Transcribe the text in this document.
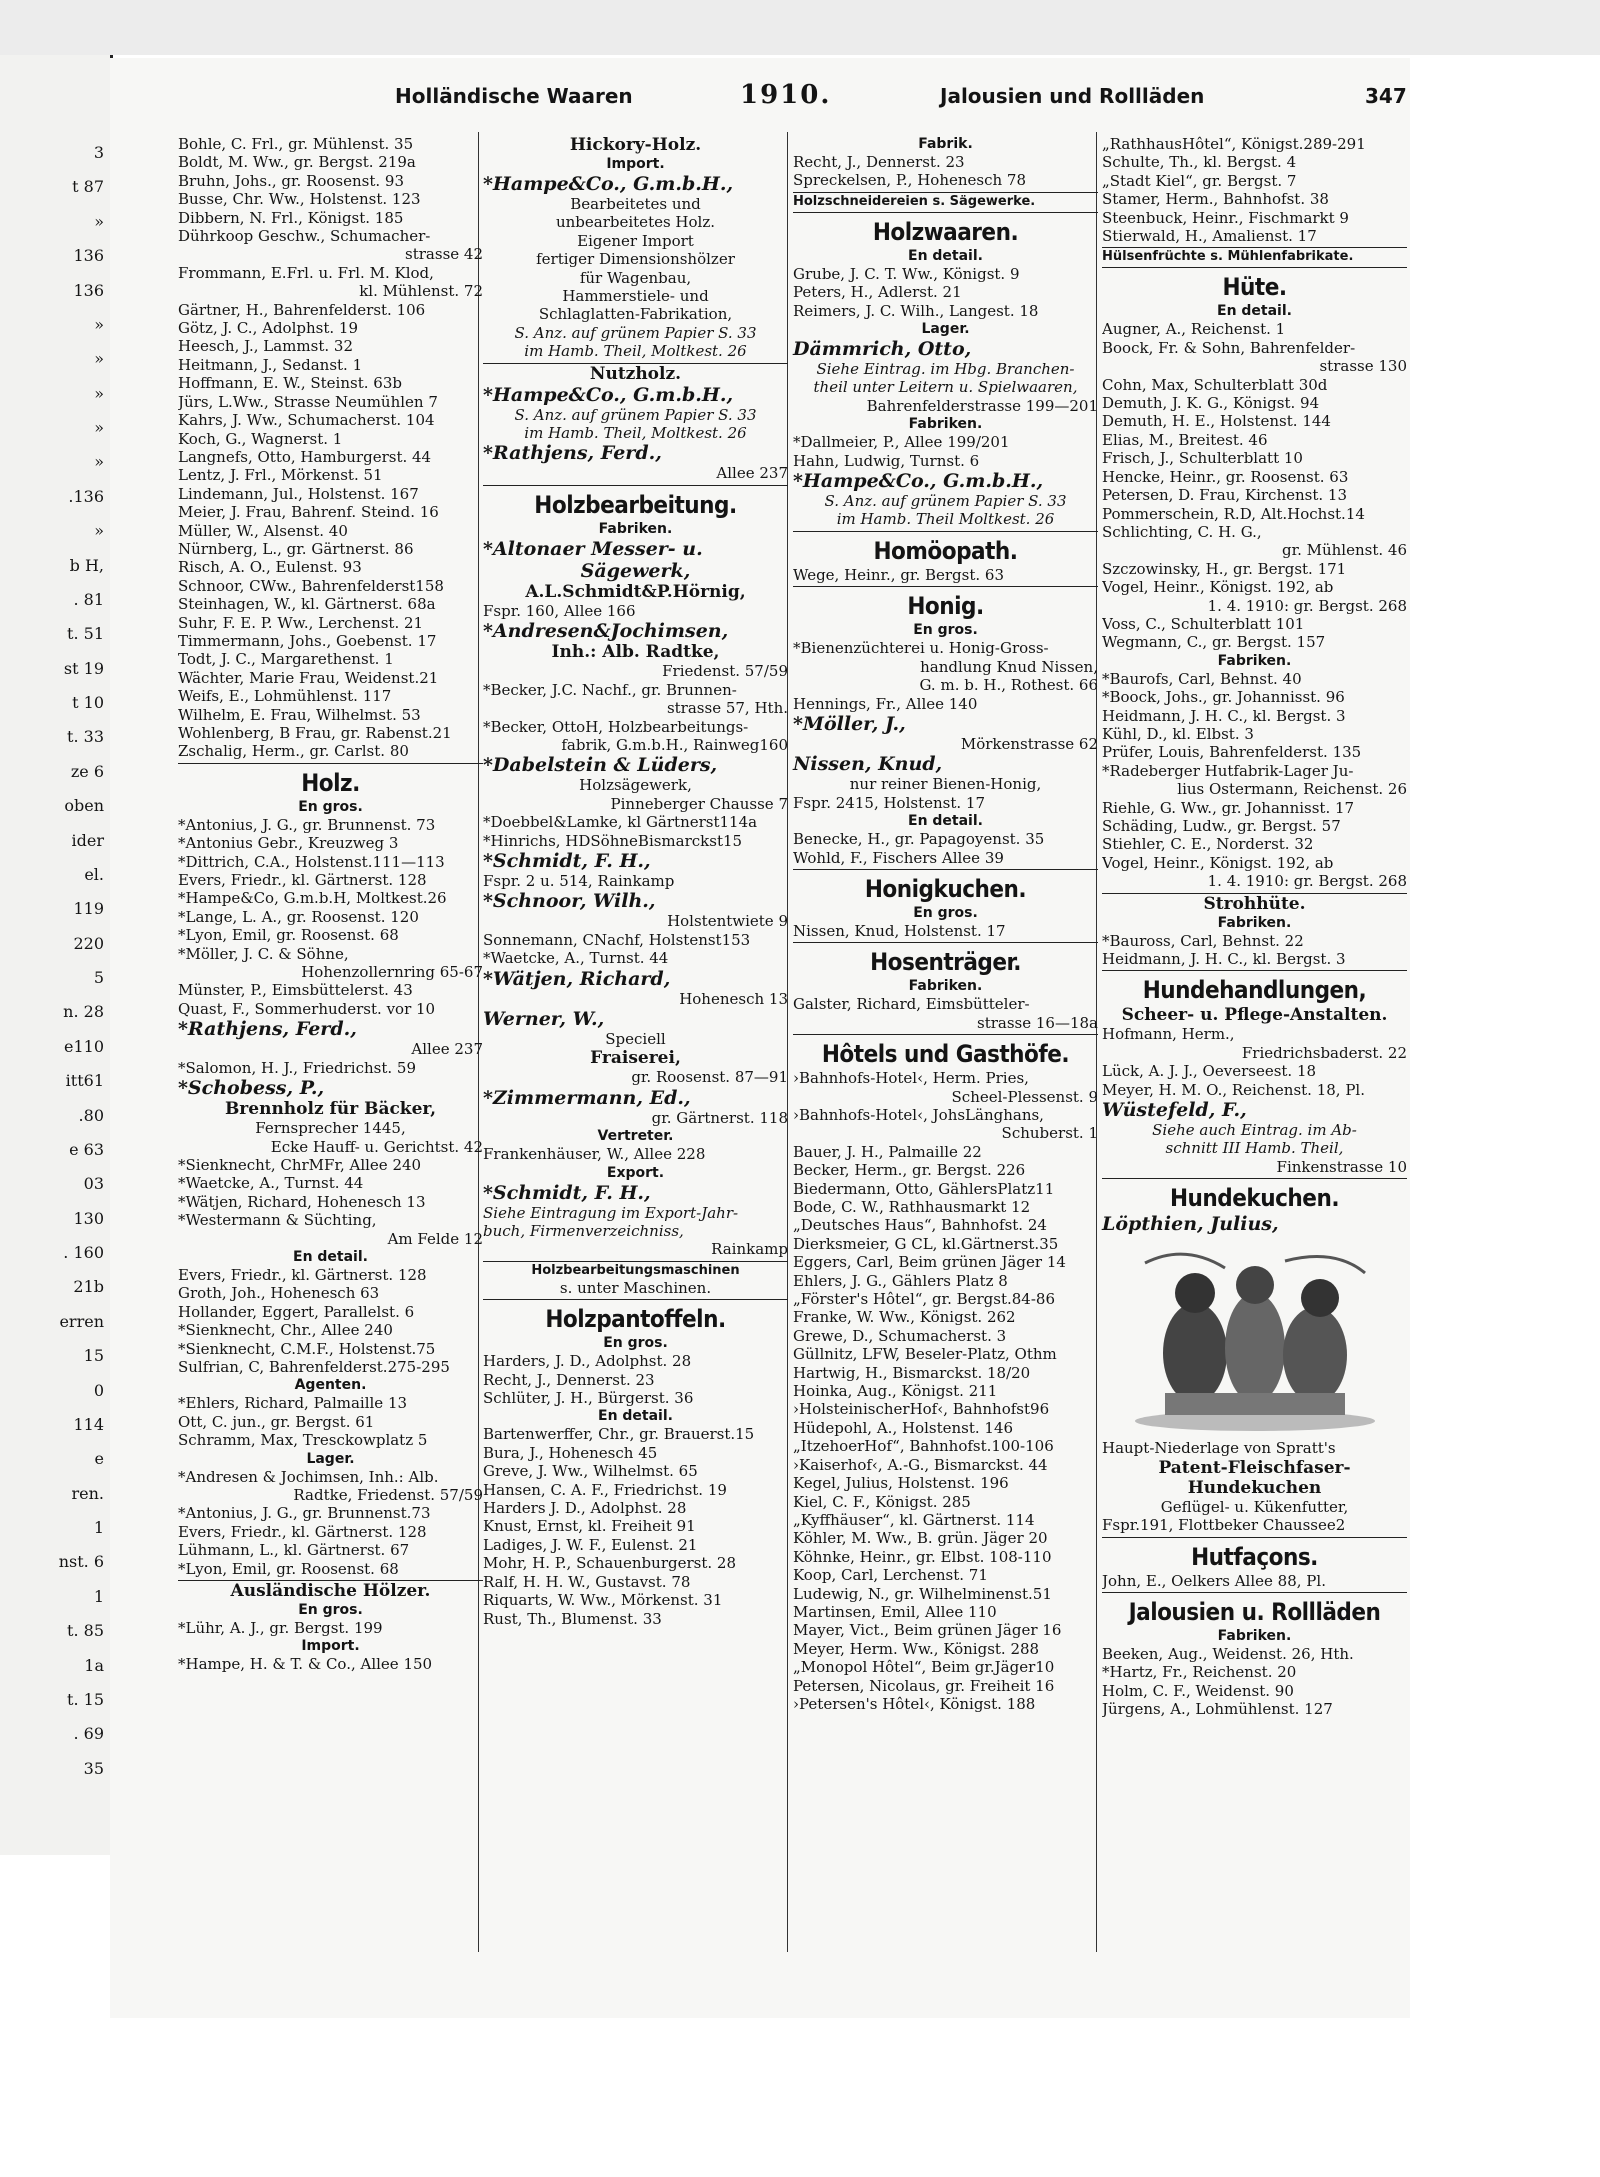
3
t 87
»
136
136
»
»
»
»
»
.136
»
b H,
. 81
t. 51
st 19
t 10
t. 33
ze 6
oben
ider
el.
119
220
5
n. 28
e110
itt61
.80
e 63
03
130
. 160
21b
erren
15
0
114
e
ren.
1
nst. 6
1
t. 85
1a
t. 15
. 69
35
Holländische Waaren	1910.	Jalousien und Rollläden	347
Bohle, C. Frl., gr. Mühlenst. 35
Boldt, M. Ww., gr. Bergst. 219a
Bruhn, Johs., gr. Roosenst. 93
Busse, Chr. Ww., Holstenst. 123
Dibbern, N. Frl., Königst. 185
Dührkoop Geschw., Schumacher-
strasse 42
Frommann, E.Frl. u. Frl. M. Klod,
kl. Mühlenst. 72
Gärtner, H., Bahrenfelderst. 106
Götz, J. C., Adolphst. 19
Heesch, J., Lammst. 32
Heitmann, J., Sedanst. 1
Hoffmann, E. W., Steinst. 63b
Jürs, L.Ww., Strasse Neumühlen 7
Kahrs, J. Ww., Schumacherst. 104
Koch, G., Wagnerst. 1
Langnefs, Otto, Hamburgerst. 44
Lentz, J. Frl., Mörkenst. 51
Lindemann, Jul., Holstenst. 167
Meier, J. Frau, Bahrenf. Steind. 16
Müller, W., Alsenst. 40
Nürnberg, L., gr. Gärtnerst. 86
Risch, A. O., Eulenst. 93
Schnoor, CWw., Bahrenfelderst158
Steinhagen, W., kl. Gärtnerst. 68a
Suhr, F. E. P. Ww., Lerchenst. 21
Timmermann, Johs., Goebenst. 17
Todt, J. C., Margarethenst. 1
Wächter, Marie Frau, Weidenst.21
Weifs, E., Lohmühlenst. 117
Wilhelm, E. Frau, Wilhelmst. 53
Wohlenberg, B Frau, gr. Rabenst.21
Zschalig, Herm., gr. Carlst. 80
Holz.
En gros.
*Antonius, J. G., gr. Brunnenst. 73
*Antonius Gebr., Kreuzweg 3
*Dittrich, C.A., Holstenst.111—113
Evers, Friedr., kl. Gärtnerst. 128
*Hampe&Co, G.m.b.H, Moltkest.26
*Lange, L. A., gr. Roosenst. 120
*Lyon, Emil, gr. Roosenst. 68
*Möller, J. C. & Söhne,
Hohenzollernring 65-67
Münster, P., Eimsbüttelerst. 43
Quast, F., Sommerhuderst. vor 10
*Rathjens, Ferd.,
Allee 237
*Salomon, H. J., Friedrichst. 59
*Schobess, P.,
Brennholz für Bäcker,
Fernsprecher 1445,
Ecke Hauff- u. Gerichtst. 42
*Sienknecht, ChrMFr, Allee 240
*Waetcke, A., Turnst. 44
*Wätjen, Richard, Hohenesch 13
*Westermann & Süchting,
Am Felde 12
En detail.
Evers, Friedr., kl. Gärtnerst. 128
Groth, Joh., Hohenesch 63
Hollander, Eggert, Parallelst. 6
*Sienknecht, Chr., Allee 240
*Sienknecht, C.M.F., Holstenst.75
Sulfrian, C, Bahrenfelderst.275-295
Agenten.
*Ehlers, Richard, Palmaille 13
Ott, C. jun., gr. Bergst. 61
Schramm, Max, Tresckowplatz 5
Lager.
*Andresen & Jochimsen, Inh.: Alb.
Radtke, Friedenst. 57/59
*Antonius, J. G., gr. Brunnenst.73
Evers, Friedr., kl. Gärtnerst. 128
Lühmann, L., kl. Gärtnerst. 67
*Lyon, Emil, gr. Roosenst. 68
Ausländische Hölzer.
En gros.
*Lühr, A. J., gr. Bergst. 199
Import.
*Hampe, H. & T. & Co., Allee 150
Hickory-Holz.
Import.
*Hampe&Co., G.m.b.H.,
Bearbeitetes und
unbearbeitetes Holz.
Eigener Import
fertiger Dimensionshölzer
für Wagenbau,
Hammerstiele- und
Schlaglatten-Fabrikation,
S. Anz. auf grünem Papier S. 33
im Hamb. Theil, Moltkest. 26
Nutzholz.
*Hampe&Co., G.m.b.H.,
S. Anz. auf grünem Papier S. 33
im Hamb. Theil, Moltkest. 26
*Rathjens, Ferd.,
Allee 237
Holzbearbeitung.
Fabriken.
*Altonaer Messer- u.
Sägewerk,
A.L.Schmidt&P.Hörnig,
Fspr. 160, Allee 166
*Andresen&Jochimsen,
Inh.: Alb. Radtke,
Friedenst. 57/59
*Becker, J.C. Nachf., gr. Brunnen-
strasse 57, Hth.
*Becker, OttoH, Holzbearbeitungs-
fabrik, G.m.b.H., Rainweg160
*Dabelstein & Lüders,
Holzsägewerk,
Pinneberger Chausse 7
*Doebbel&Lamke, kl Gärtnerst114a
*Hinrichs, HDSöhneBismarckst15
*Schmidt, F. H.,
Fspr. 2 u. 514, Rainkamp
*Schnoor, Wilh.,
Holstentwiete 9
Sonnemann, CNachf, Holstenst153
*Waetcke, A., Turnst. 44
*Wätjen, Richard,
Hohenesch 13
Werner, W.,
Speciell
Fraiserei,
gr. Roosenst. 87—91
*Zimmermann, Ed.,
gr. Gärtnerst. 118
Vertreter.
Frankenhäuser, W., Allee 228
Export.
*Schmidt, F. H.,
Siehe Eintragung im Export-Jahr-
buch, Firmenverzeichniss,
Rainkamp
Holzbearbeitungsmaschinen
s. unter Maschinen.
Holzpantoffeln.
En gros.
Harders, J. D., Adolphst. 28
Recht, J., Dennerst. 23
Schlüter, J. H., Bürgerst. 36
En detail.
Bartenwerffer, Chr., gr. Brauerst.15
Bura, J., Hohenesch 45
Greve, J. Ww., Wilhelmst. 65
Hansen, C. A. F., Friedrichst. 19
Harders J. D., Adolphst. 28
Knust, Ernst, kl. Freiheit 91
Ladiges, J. W. F., Eulenst. 21
Mohr, H. P., Schauenburgerst. 28
Ralf, H. H. W., Gustavst. 78
Riquarts, W. Ww., Mörkenst. 31
Rust, Th., Blumenst. 33
Fabrik.
Recht, J., Dennerst. 23
Spreckelsen, P., Hohenesch 78
Holzschneidereien s. Sägewerke.
Holzwaaren.
En detail.
Grube, J. C. T. Ww., Königst. 9
Peters, H., Adlerst. 21
Reimers, J. C. Wilh., Langest. 18
Lager.
Dämmrich, Otto,
Siehe Eintrag. im Hbg. Branchen-
theil unter Leitern u. Spielwaaren,
Bahrenfelderstrasse 199—201
Fabriken.
*Dallmeier, P., Allee 199/201
Hahn, Ludwig, Turnst. 6
*Hampe&Co., G.m.b.H.,
S. Anz. auf grünem Papier S. 33
im Hamb. Theil Moltkest. 26
Homöopath.
Wege, Heinr., gr. Bergst. 63
Honig.
En gros.
*Bienenzüchterei u. Honig-Gross-
handlung Knud Nissen,
G. m. b. H., Rothest. 66
Hennings, Fr., Allee 140
*Möller, J.,
Mörkenstrasse 62
Nissen, Knud,
nur reiner Bienen-Honig,
Fspr. 2415, Holstenst. 17
En detail.
Benecke, H., gr. Papagoyenst. 35
Wohld, F., Fischers Allee 39
Honigkuchen.
En gros.
Nissen, Knud, Holstenst. 17
Hosenträger.
Fabriken.
Galster, Richard, Eimsbütteler-
strasse 16—18a
Hôtels und Gasthöfe.
›Bahnhofs-Hotel‹, Herm. Pries,
Scheel-Plessenst. 9
›Bahnhofs-Hotel‹, JohsLänghans,
Schuberst. 1
Bauer, J. H., Palmaille 22
Becker, Herm., gr. Bergst. 226
Biedermann, Otto, GählersPlatz11
Bode, C. W., Rathhausmarkt 12
„Deutsches Haus“, Bahnhofst. 24
Dierksmeier, G CL, kl.Gärtnerst.35
Eggers, Carl, Beim grünen Jäger 14
Ehlers, J. G., Gählers Platz 8
„Förster's Hôtel“, gr. Bergst.84-86
Franke, W. Ww., Königst. 262
Grewe, D., Schumacherst. 3
Güllnitz, LFW, Beseler-Platz, Othm
Hartwig, H., Bismarckst. 18/20
Hoinka, Aug., Königst. 211
›HolsteinischerHof‹, Bahnhofst96
Hüdepohl, A., Holstenst. 146
„ItzehoerHof“, Bahnhofst.100-106
›Kaiserhof‹, A.-G., Bismarckst. 44
Kegel, Julius, Holstenst. 196
Kiel, C. F., Königst. 285
„Kyffhäuser“, kl. Gärtnerst. 114
Köhler, M. Ww., B. grün. Jäger 20
Köhnke, Heinr., gr. Elbst. 108-110
Koop, Carl, Lerchenst. 71
Ludewig, N., gr. Wilhelminenst.51
Martinsen, Emil, Allee 110
Mayer, Vict., Beim grünen Jäger 16
Meyer, Herm. Ww., Königst. 288
„Monopol Hôtel“, Beim gr.Jäger10
Petersen, Nicolaus, gr. Freiheit 16
›Petersen's Hôtel‹, Königst. 188
„RathhausHôtel“, Königst.289-291
Schulte, Th., kl. Bergst. 4
„Stadt Kiel“, gr. Bergst. 7
Stamer, Herm., Bahnhofst. 38
Steenbuck, Heinr., Fischmarkt 9
Stierwald, H., Amalienst. 17
Hülsenfrüchte s. Mühlenfabrikate.
Hüte.
En detail.
Augner, A., Reichenst. 1
Boock, Fr. & Sohn, Bahrenfelder-
strasse 130
Cohn, Max, Schulterblatt 30d
Demuth, J. K. G., Königst. 94
Demuth, H. E., Holstenst. 144
Elias, M., Breitest. 46
Frisch, J., Schulterblatt 10
Hencke, Heinr., gr. Roosenst. 63
Petersen, D. Frau, Kirchenst. 13
Pommerschein, R.D, Alt.Hochst.14
Schlichting, C. H. G.,
gr. Mühlenst. 46
Szczowinsky, H., gr. Bergst. 171
Vogel, Heinr., Königst. 192, ab
1. 4. 1910: gr. Bergst. 268
Voss, C., Schulterblatt 101
Wegmann, C., gr. Bergst. 157
Fabriken.
*Baurofs, Carl, Behnst. 40
*Boock, Johs., gr. Johannisst. 96
Heidmann, J. H. C., kl. Bergst. 3
Kühl, D., kl. Elbst. 3
Prüfer, Louis, Bahrenfelderst. 135
*Radeberger Hutfabrik-Lager Ju-
lius Ostermann, Reichenst. 26
Riehle, G. Ww., gr. Johannisst. 17
Schäding, Ludw., gr. Bergst. 57
Stiehler, C. E., Norderst. 32
Vogel, Heinr., Königst. 192, ab
1. 4. 1910: gr. Bergst. 268
Strohhüte.
Fabriken.
*Bauross, Carl, Behnst. 22
Heidmann, J. H. C., kl. Bergst. 3
Hundehandlungen,
Scheer- u. Pflege-Anstalten.
Hofmann, Herm.,
Friedrichsbaderst. 22
Lück, A. J. J., Oeverseest. 18
Meyer, H. M. O., Reichenst. 18, Pl.
Wüstefeld, F.,
Siehe auch Eintrag. im Ab-
schnitt III Hamb. Theil,
Finkenstrasse 10
Hundekuchen.
Löpthien, Julius,
Haupt-Niederlage von Spratt's
Patent-Fleischfaser-
Hundekuchen
Geflügel- u. Kükenfutter,
Fspr.191, Flottbeker Chaussee2
Hutfaçons.
John, E., Oelkers Allee 88, Pl.
Jalousien u. Rollläden
Fabriken.
Beeken, Aug., Weidenst. 26, Hth.
*Hartz, Fr., Reichenst. 20
Holm, C. F., Weidenst. 90
Jürgens, A., Lohmühlenst. 127
